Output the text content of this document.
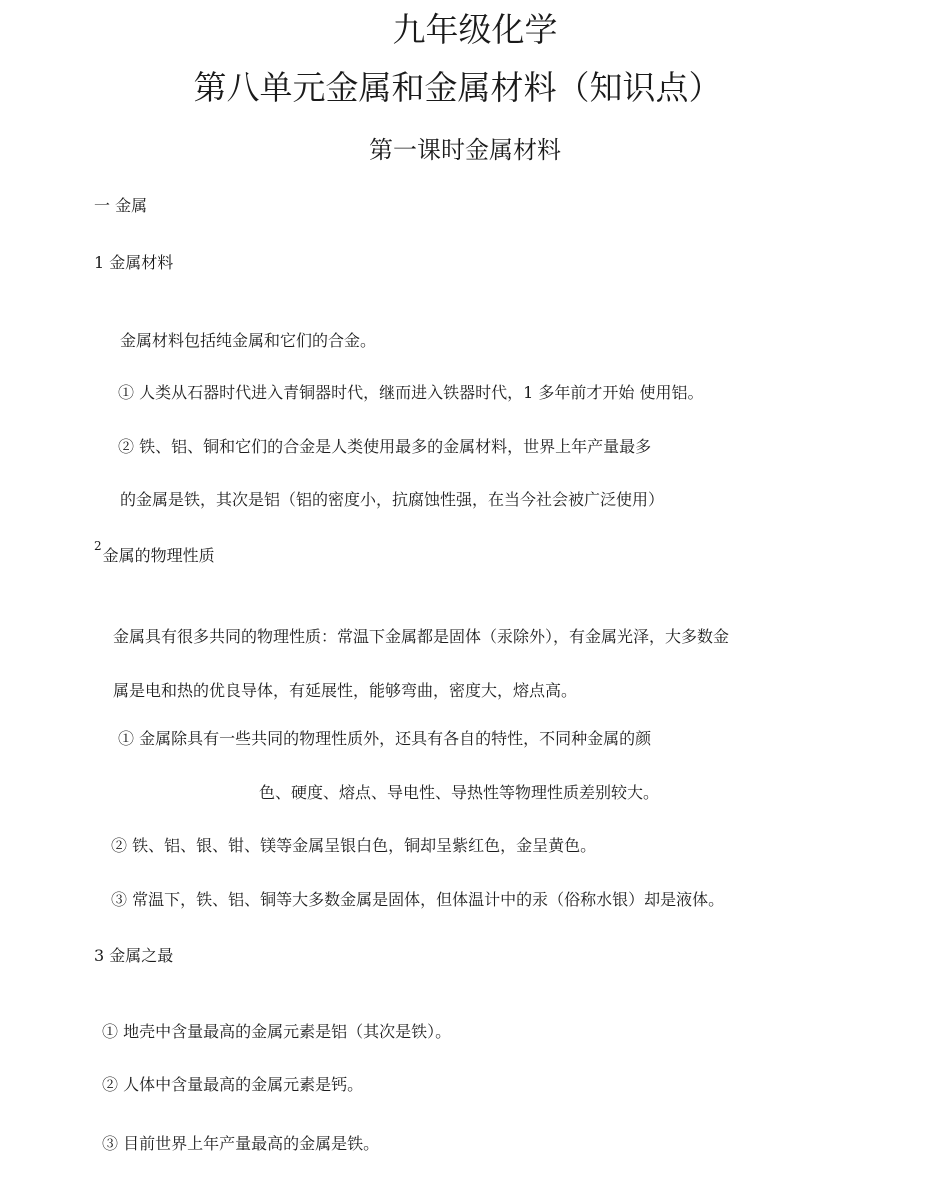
九年级化学
第八单元金属和金属材料（知识点）
第一课时金属材料
一 金属
1 金属材料
金属材料包括纯金属和它们的合金。
① 人类从石器时代进入青铜器时代，继而进入铁器时代，1 多年前才开始 使用铝。
② 铁、铝、铜和它们的合金是人类使用最多的金属材料，世界上年产量最多
的金属是铁，其次是铝（铝的密度小，抗腐蚀性强，在当今社会被广泛使用）
$^2$金属的物理性质
金属具有很多共同的物理性质：常温下金属都是固体（汞除外），有金属光泽，大多数金
属是电和热的优良导体，有延展性，能够弯曲，密度大，熔点高。
① 金属除具有一些共同的物理性质外，还具有各自的特性，不同种金属的颜
色、硬度、熔点、导电性、导热性等物理性质差别较大。
② 铁、铝、银、钳、镁等金属呈银白色，铜却呈紫红色，金呈黄色。
③ 常温下，铁、铝、铜等大多数金属是固体，但体温计中的汞（俗称水银）却是液体。
3 金属之最
① 地壳中含量最高的金属元素是铝（其次是铁）。
② 人体中含量最高的金属元素是钙。
③ 目前世界上年产量最高的金属是铁。
